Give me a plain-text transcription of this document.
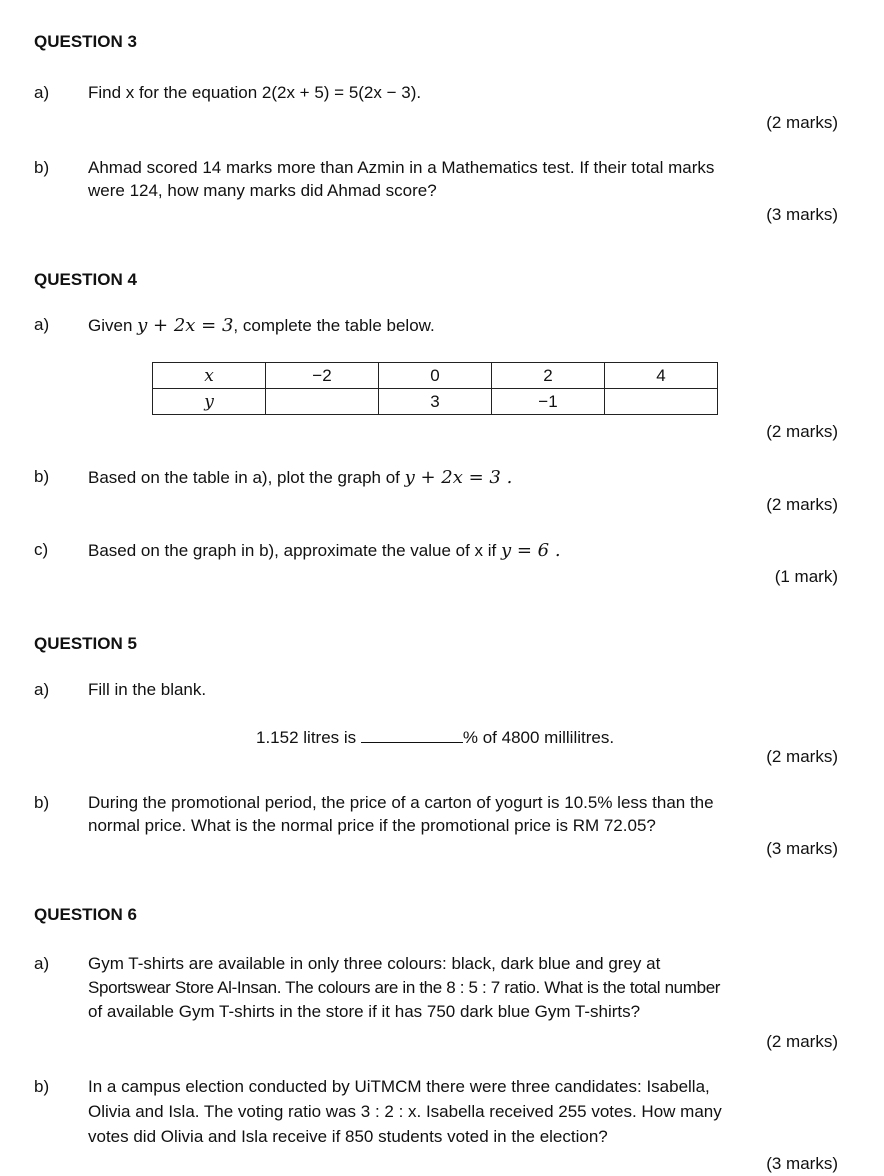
QUESTION 3
a) Find x for the equation 2(2x + 5) = 5(2x − 3).
(2 marks)
b) Ahmad scored 14 marks more than Azmin in a Mathematics test. If their total marks
were 124, how many marks did Ahmad score?
(3 marks)
QUESTION 4
a) Given y + 2x = 3, complete the table below.
x	−2	0	2	4
y		3	−1	
(2 marks)
b) Based on the table in a), plot the graph of y + 2x = 3 .
(2 marks)
c) Based on the graph in b), approximate the value of x if y = 6 .
(1 mark)
QUESTION 5
a) Fill in the blank.
1.152 litres is	% of 4800 millilitres.
(2 marks)
b) During the promotional period, the price of a carton of yogurt is 10.5% less than the
normal price. What is the normal price if the promotional price is RM 72.05?
(3 marks)
QUESTION 6
a) Gym T-shirts are available in only three colours: black, dark blue and grey at
Sportswear Store Al-Insan. The colours are in the 8 : 5 : 7 ratio. What is the total number
of available Gym T-shirts in the store if it has 750 dark blue Gym T-shirts?
(2 marks)
b) In a campus election conducted by UiTMCM there were three candidates: Isabella,
Olivia and Isla. The voting ratio was 3 : 2 : x. Isabella received 255 votes. How many
votes did Olivia and Isla receive if 850 students voted in the election?
(3 marks)
